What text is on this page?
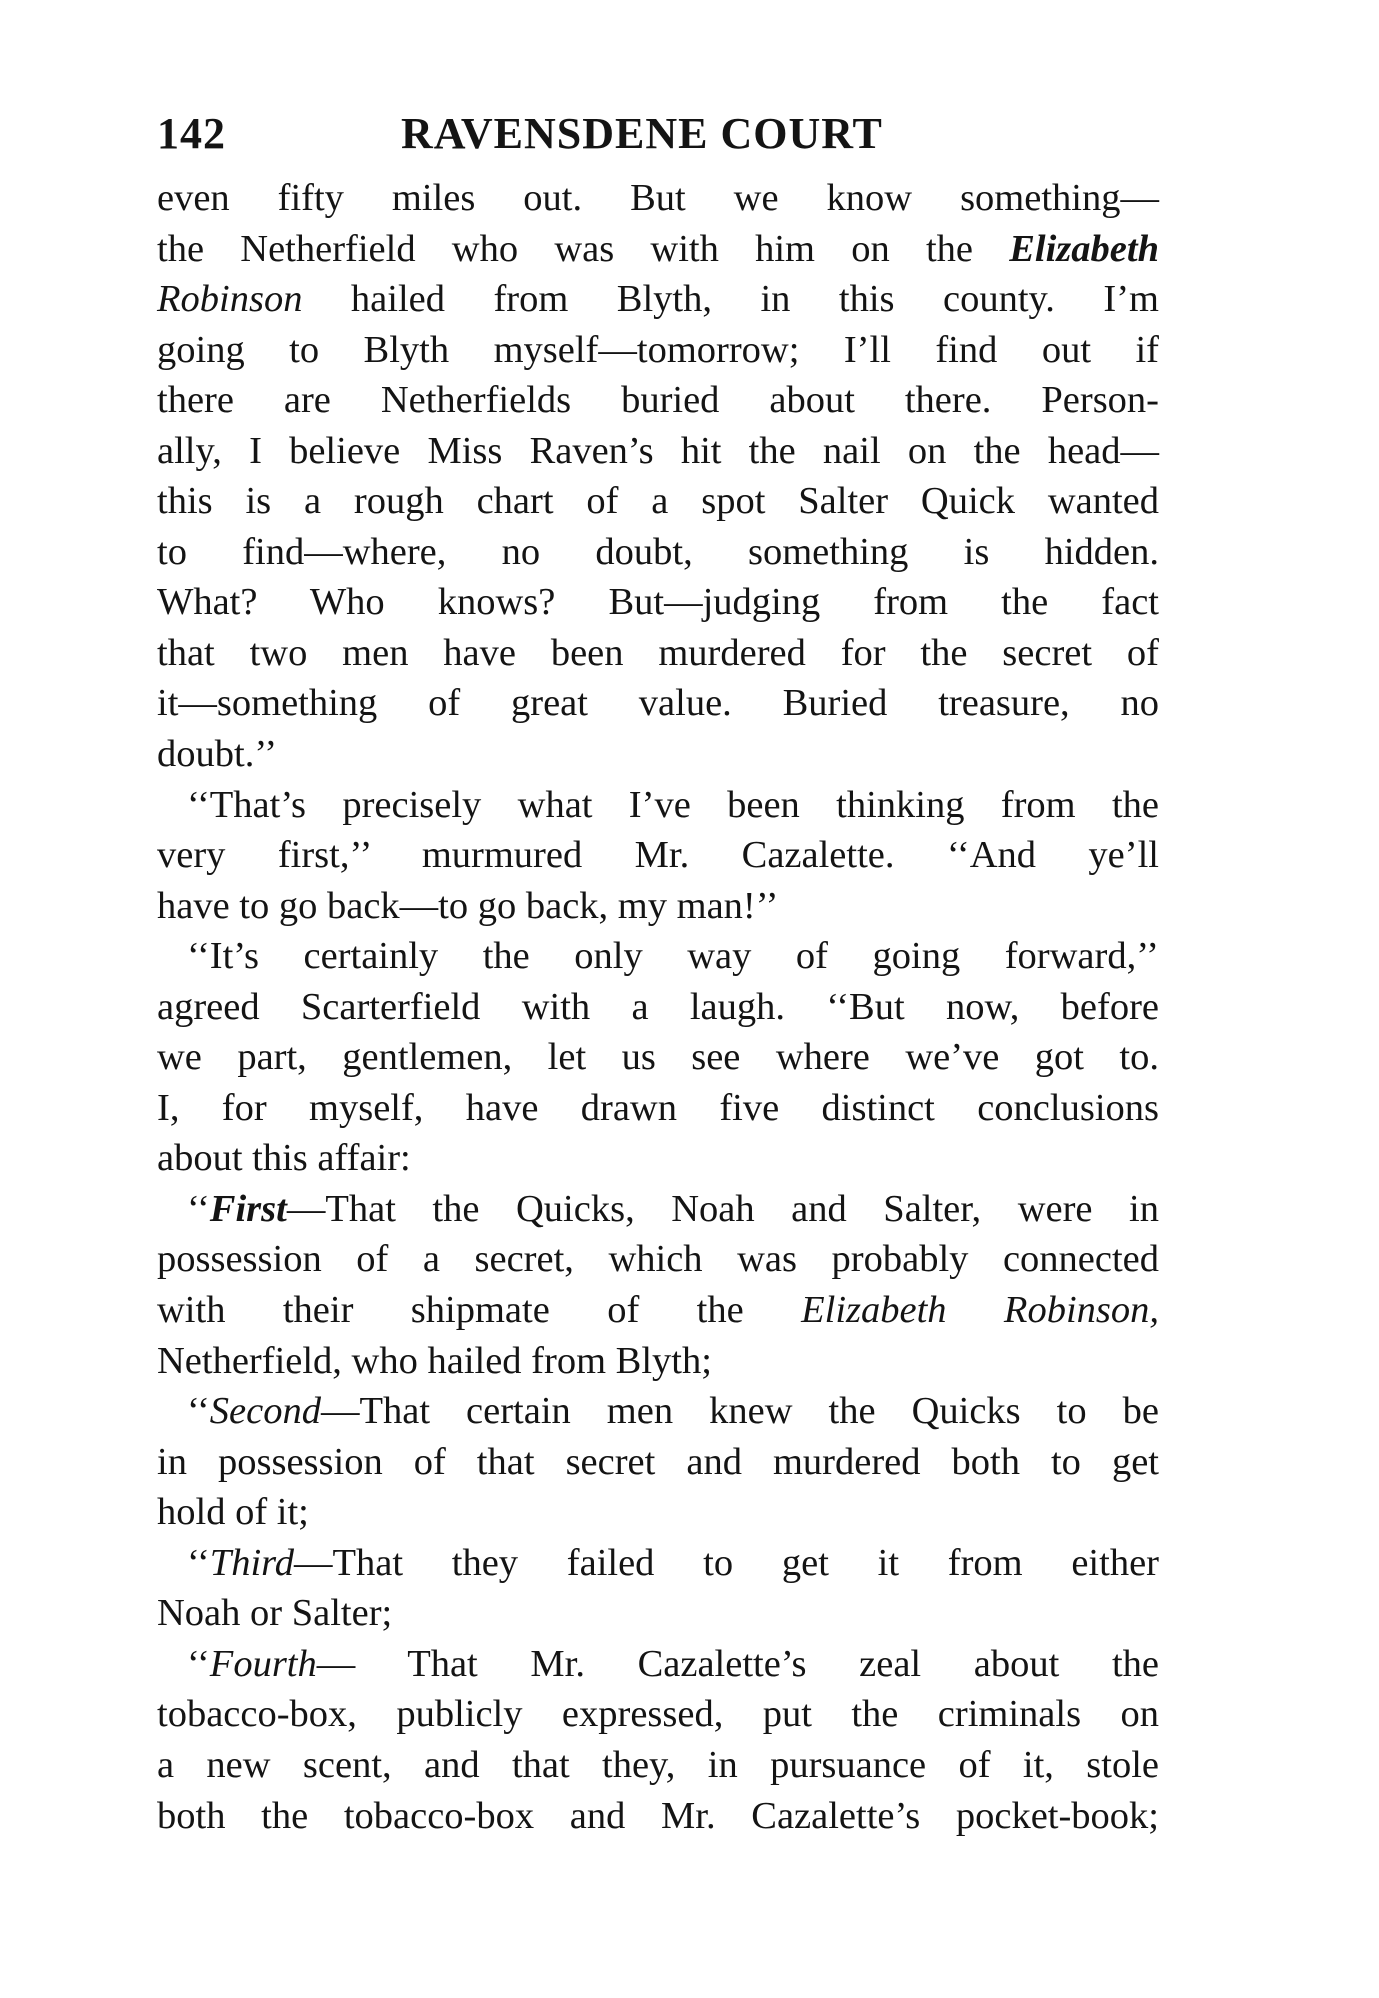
142	RAVENSDENE COURT
even fifty miles out. But we know something—
the Netherfield who was with him on the Elizabeth
Robinson hailed from Blyth, in this county. I’m
going to Blyth myself—tomorrow; I’ll find out if
there are Netherfields buried about there. Person-
ally, I believe Miss Raven’s hit the nail on the head—
this is a rough chart of a spot Salter Quick wanted
to find—where, no doubt, something is hidden.
What? Who knows? But—judging from the fact
that two men have been murdered for the secret of
it—something of great value. Buried treasure, no
doubt.’’
‘‘That’s precisely what I’ve been thinking from the
very first,’’ murmured Mr. Cazalette. ‘‘And ye’ll
have to go back—to go back, my man!’’
‘‘It’s certainly the only way of going forward,’’
agreed Scarterfield with a laugh. ‘‘But now, before
we part, gentlemen, let us see where we’ve got to.
I, for myself, have drawn five distinct conclusions
about this affair:
‘‘First—That the Quicks, Noah and Salter, were in
possession of a secret, which was probably connected
with their shipmate of the Elizabeth Robinson,
Netherfield, who hailed from Blyth;
‘‘Second—That certain men knew the Quicks to be
in possession of that secret and murdered both to get
hold of it;
‘‘Third—That they failed to get it from either
Noah or Salter;
‘‘Fourth— That Mr. Cazalette’s zeal about the
tobacco-box, publicly expressed, put the criminals on
a new scent, and that they, in pursuance of it, stole
both the tobacco-box and Mr. Cazalette’s pocket-book;
